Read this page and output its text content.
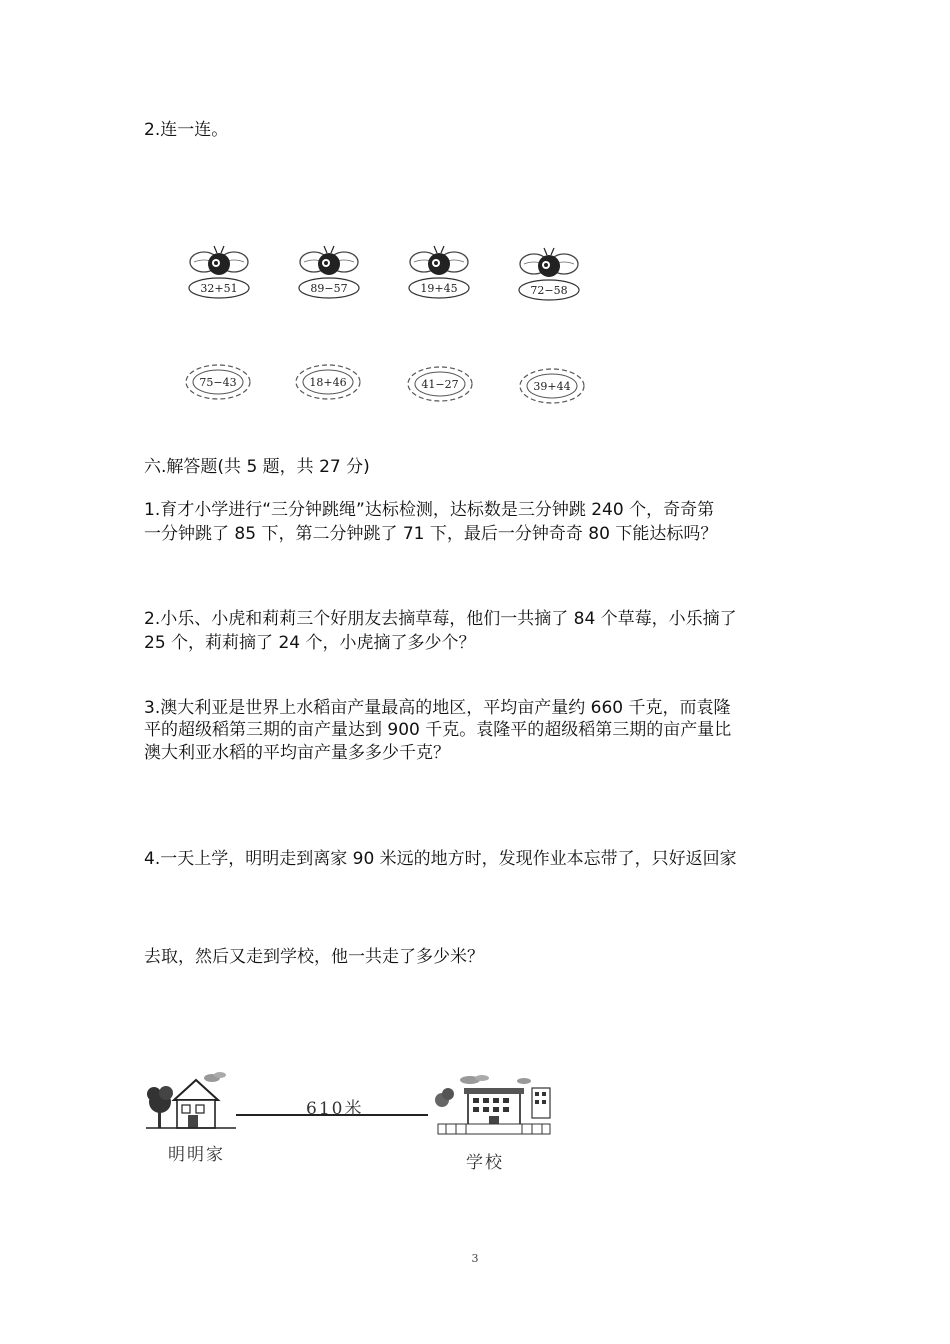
2.连一连。
32+51	89−57	19+45	72−58
75−43	18+46	41−27	39+44
六.解答题(共 5 题，共 27 分)
1.育才小学进行“三分钟跳绳”达标检测，达标数是三分钟跳 240 个，奇奇第
一分钟跳了 85 下，第二分钟跳了 71 下，最后一分钟奇奇 80 下能达标吗？
2.小乐、小虎和莉莉三个好朋友去摘草莓，他们一共摘了 84 个草莓，小乐摘了
25 个，莉莉摘了 24 个，小虎摘了多少个？
3.澳大利亚是世界上水稻亩产量最高的地区，平均亩产量约 660 千克，而袁隆
平的超级稻第三期的亩产量达到 900 千克。袁隆平的超级稻第三期的亩产量比
澳大利亚水稻的平均亩产量多多少千克？
4.一天上学，明明走到离家 90 米远的地方时，发现作业本忘带了，只好返回家
去取，然后又走到学校，他一共走了多少米？
610米
明明家	学校
3
